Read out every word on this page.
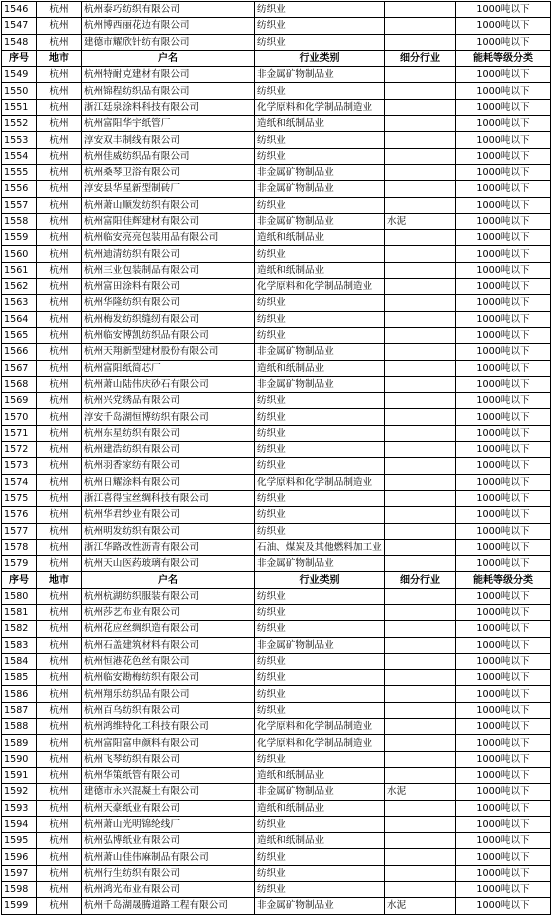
1546	杭州	杭州泰巧纺织有限公司	纺织业		1000吨以下
1547	杭州	杭州博西丽花边有限公司	纺织业		1000吨以下
1548	杭州	建德市耀欣针纺有限公司	纺织业		1000吨以下
序号	地市	户名	行业类别	细分行业	能耗等级分类
1549	杭州	杭州特耐克建材有限公司	非金属矿物制品业		1000吨以下
1550	杭州	杭州锦程纺织品有限公司	纺织业		1000吨以下
1551	杭州	浙江廷泉涂料科技有限公司	化学原料和化学制品制造业		1000吨以下
1552	杭州	杭州富阳华宇纸管厂	造纸和纸制品业		1000吨以下
1553	杭州	淳安双丰制线有限公司	纺织业		1000吨以下
1554	杭州	杭州佳威纺织品有限公司	纺织业		1000吨以下
1555	杭州	杭州桑琴卫浴有限公司	非金属矿物制品业		1000吨以下
1556	杭州	淳安县华星新型制砖厂	非金属矿物制品业		1000吨以下
1557	杭州	杭州萧山顺发纺织有限公司	纺织业		1000吨以下
1558	杭州	杭州富阳佳辉建材有限公司	非金属矿物制品业	水泥	1000吨以下
1559	杭州	杭州临安亮亮包装用品有限公司	造纸和纸制品业		1000吨以下
1560	杭州	杭州迪清纺织有限公司	纺织业		1000吨以下
1561	杭州	杭州三业包装制品有限公司	造纸和纸制品业		1000吨以下
1562	杭州	杭州富田涂料有限公司	化学原料和化学制品制造业		1000吨以下
1563	杭州	杭州华隆纺织有限公司	纺织业		1000吨以下
1564	杭州	杭州梅发纺织缝纫有限公司	纺织业		1000吨以下
1565	杭州	杭州临安博凯纺织品有限公司	纺织业		1000吨以下
1566	杭州	杭州天翔新型建材股份有限公司	非金属矿物制品业		1000吨以下
1567	杭州	杭州富阳纸简芯厂	造纸和纸制品业		1000吨以下
1568	杭州	杭州萧山陆伟庆砂石有限公司	非金属矿物制品业		1000吨以下
1569	杭州	杭州兴党绣品有限公司	纺织业		1000吨以下
1570	杭州	淳安千岛湖恒博纺织有限公司	纺织业		1000吨以下
1571	杭州	杭州东星纺织有限公司	纺织业		1000吨以下
1572	杭州	杭州建浩纺织有限公司	纺织业		1000吨以下
1573	杭州	杭州羽香家纺有限公司	纺织业		1000吨以下
1574	杭州	杭州日耀涂料有限公司	化学原料和化学制品制造业		1000吨以下
1575	杭州	浙江喜得宝丝绸科技有限公司	纺织业		1000吨以下
1576	杭州	杭州华君纱业有限公司	纺织业		1000吨以下
1577	杭州	杭州明发纺织有限公司	纺织业		1000吨以下
1578	杭州	浙江华路改性沥青有限公司	石油、煤炭及其他燃料加工业		1000吨以下
1579	杭州	杭州天山医药玻璃有限公司	非金属矿物制品业		1000吨以下
序号	地市	户名	行业类别	细分行业	能耗等级分类
1580	杭州	杭州杭湖纺织服装有限公司	纺织业		1000吨以下
1581	杭州	杭州莎艺布业有限公司	纺织业		1000吨以下
1582	杭州	杭州花应丝绸织造有限公司	纺织业		1000吨以下
1583	杭州	杭州石盖建筑材料有限公司	非金属矿物制品业		1000吨以下
1584	杭州	杭州恒港花色丝有限公司	纺织业		1000吨以下
1585	杭州	杭州临安勘梅纺织有限公司	纺织业		1000吨以下
1586	杭州	杭州翔乐纺织品有限公司	纺织业		1000吨以下
1587	杭州	杭州百乌纺织有限公司	纺织业		1000吨以下
1588	杭州	杭州鸿维特化工科技有限公司	化学原料和化学制品制造业		1000吨以下
1589	杭州	杭州富阳富申颜料有限公司	化学原料和化学制品制造业		1000吨以下
1590	杭州	杭州飞琴纺织有限公司	纺织业		1000吨以下
1591	杭州	杭州华策纸管有限公司	造纸和纸制品业		1000吨以下
1592	杭州	建德市永兴混凝土有限公司	非金属矿物制品业	水泥	1000吨以下
1593	杭州	杭州天豪纸业有限公司	造纸和纸制品业		1000吨以下
1594	杭州	杭州萧山光明锦纶线厂	纺织业		1000吨以下
1595	杭州	杭州弘博纸业有限公司	造纸和纸制品业		1000吨以下
1596	杭州	杭州萧山佳伟麻制品有限公司	纺织业		1000吨以下
1597	杭州	杭州行生纺织有限公司	纺织业		1000吨以下
1598	杭州	杭州鸿光布业有限公司	纺织业		1000吨以下
1599	杭州	杭州千岛湖晟腾道路工程有限公司	非金属矿物制品业	水泥	1000吨以下
